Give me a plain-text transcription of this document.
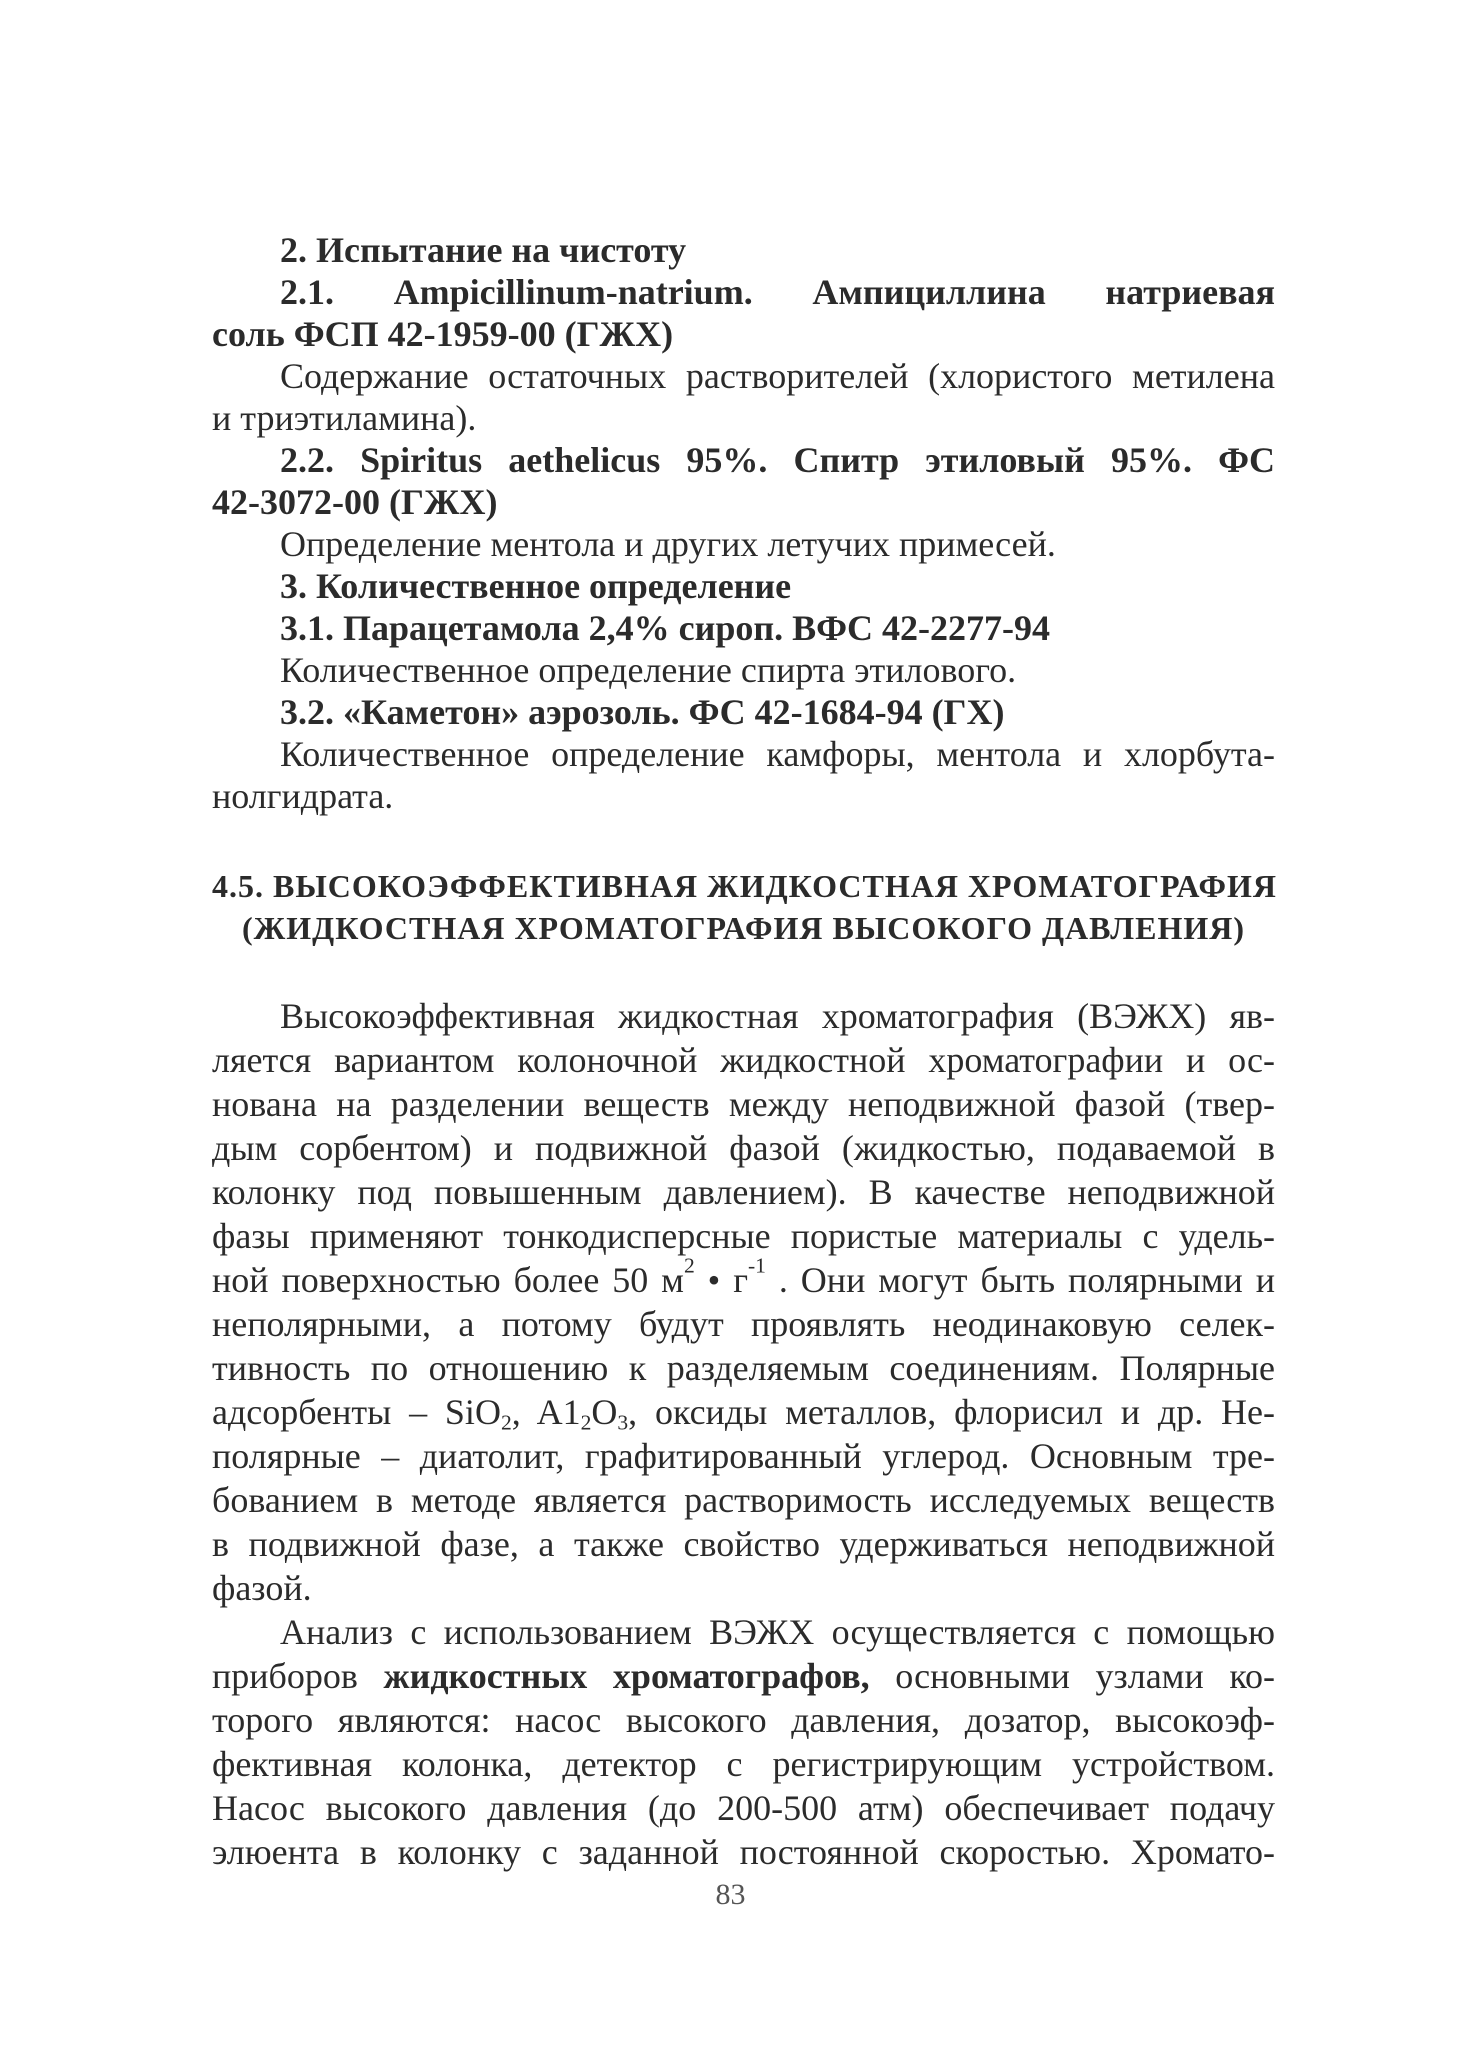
2. Испытание на чистоту
2.1. Ampicillinum-natrium. Ампициллина натриевая
соль ФСП 42-1959-00 (ГЖХ)
Содержание остаточных растворителей (хлористого метилена
и триэтиламина).
2.2. Spiritus aethelicus 95%. Спитр этиловый 95%. ФС
42-3072-00 (ГЖХ)
Определение ментола и других летучих примесей.
3. Количественное определение
3.1. Парацетамола 2,4% сироп. ВФС 42-2277-94
Количественное определение спирта этилового.
3.2. «Каметон» аэрозоль. ФС 42-1684-94 (ГХ)
Количественное определение камфоры, ментола и хлорбута-
нолгидрата.
4.5. ВЫСОКОЭФФЕКТИВНАЯ ЖИДКОСТНАЯ ХРОМАТОГРАФИЯ
(ЖИДКОСТНАЯ ХРОМАТОГРАФИЯ ВЫСОКОГО ДАВЛЕНИЯ)
Высокоэффективная жидкостная хроматография (ВЭЖХ) яв-
ляется вариантом колоночной жидкостной хроматографии и ос-
нована на разделении веществ между неподвижной фазой (твер-
дым сорбентом) и подвижной фазой (жидкостью, подаваемой в
колонку под повышенным давлением). В качестве неподвижной
фазы применяют тонкодисперсные пористые материалы с удель-
ной поверхностью более 50 $м^2$ • $г^{-1}$ . Они могут быть полярными и
неполярными, а потому будут проявлять неодинаковую селек-
тивность по отношению к разделяемым соединениям. Полярные
адсорбенты – SiO$_2$, $A1_2O_3$, оксиды металлов, флорисил и др. Не-
полярные – диатолит, графитированный углерод. Основным тре-
бованием в методе является растворимость исследуемых веществ
в подвижной фазе, а также свойство удерживаться неподвижной
фазой.
Анализ с использованием ВЭЖХ осуществляется с помощью
приборов жидкостных хроматографов, основными узлами ко-
торого являются: насос высокого давления, дозатор, высокоэф-
фективная колонка, детектор с регистрирующим устройством.
Насос высокого давления (до 200-500 атм) обеспечивает подачу
элюента в колонку с заданной постоянной скоростью. Хромато-
83
